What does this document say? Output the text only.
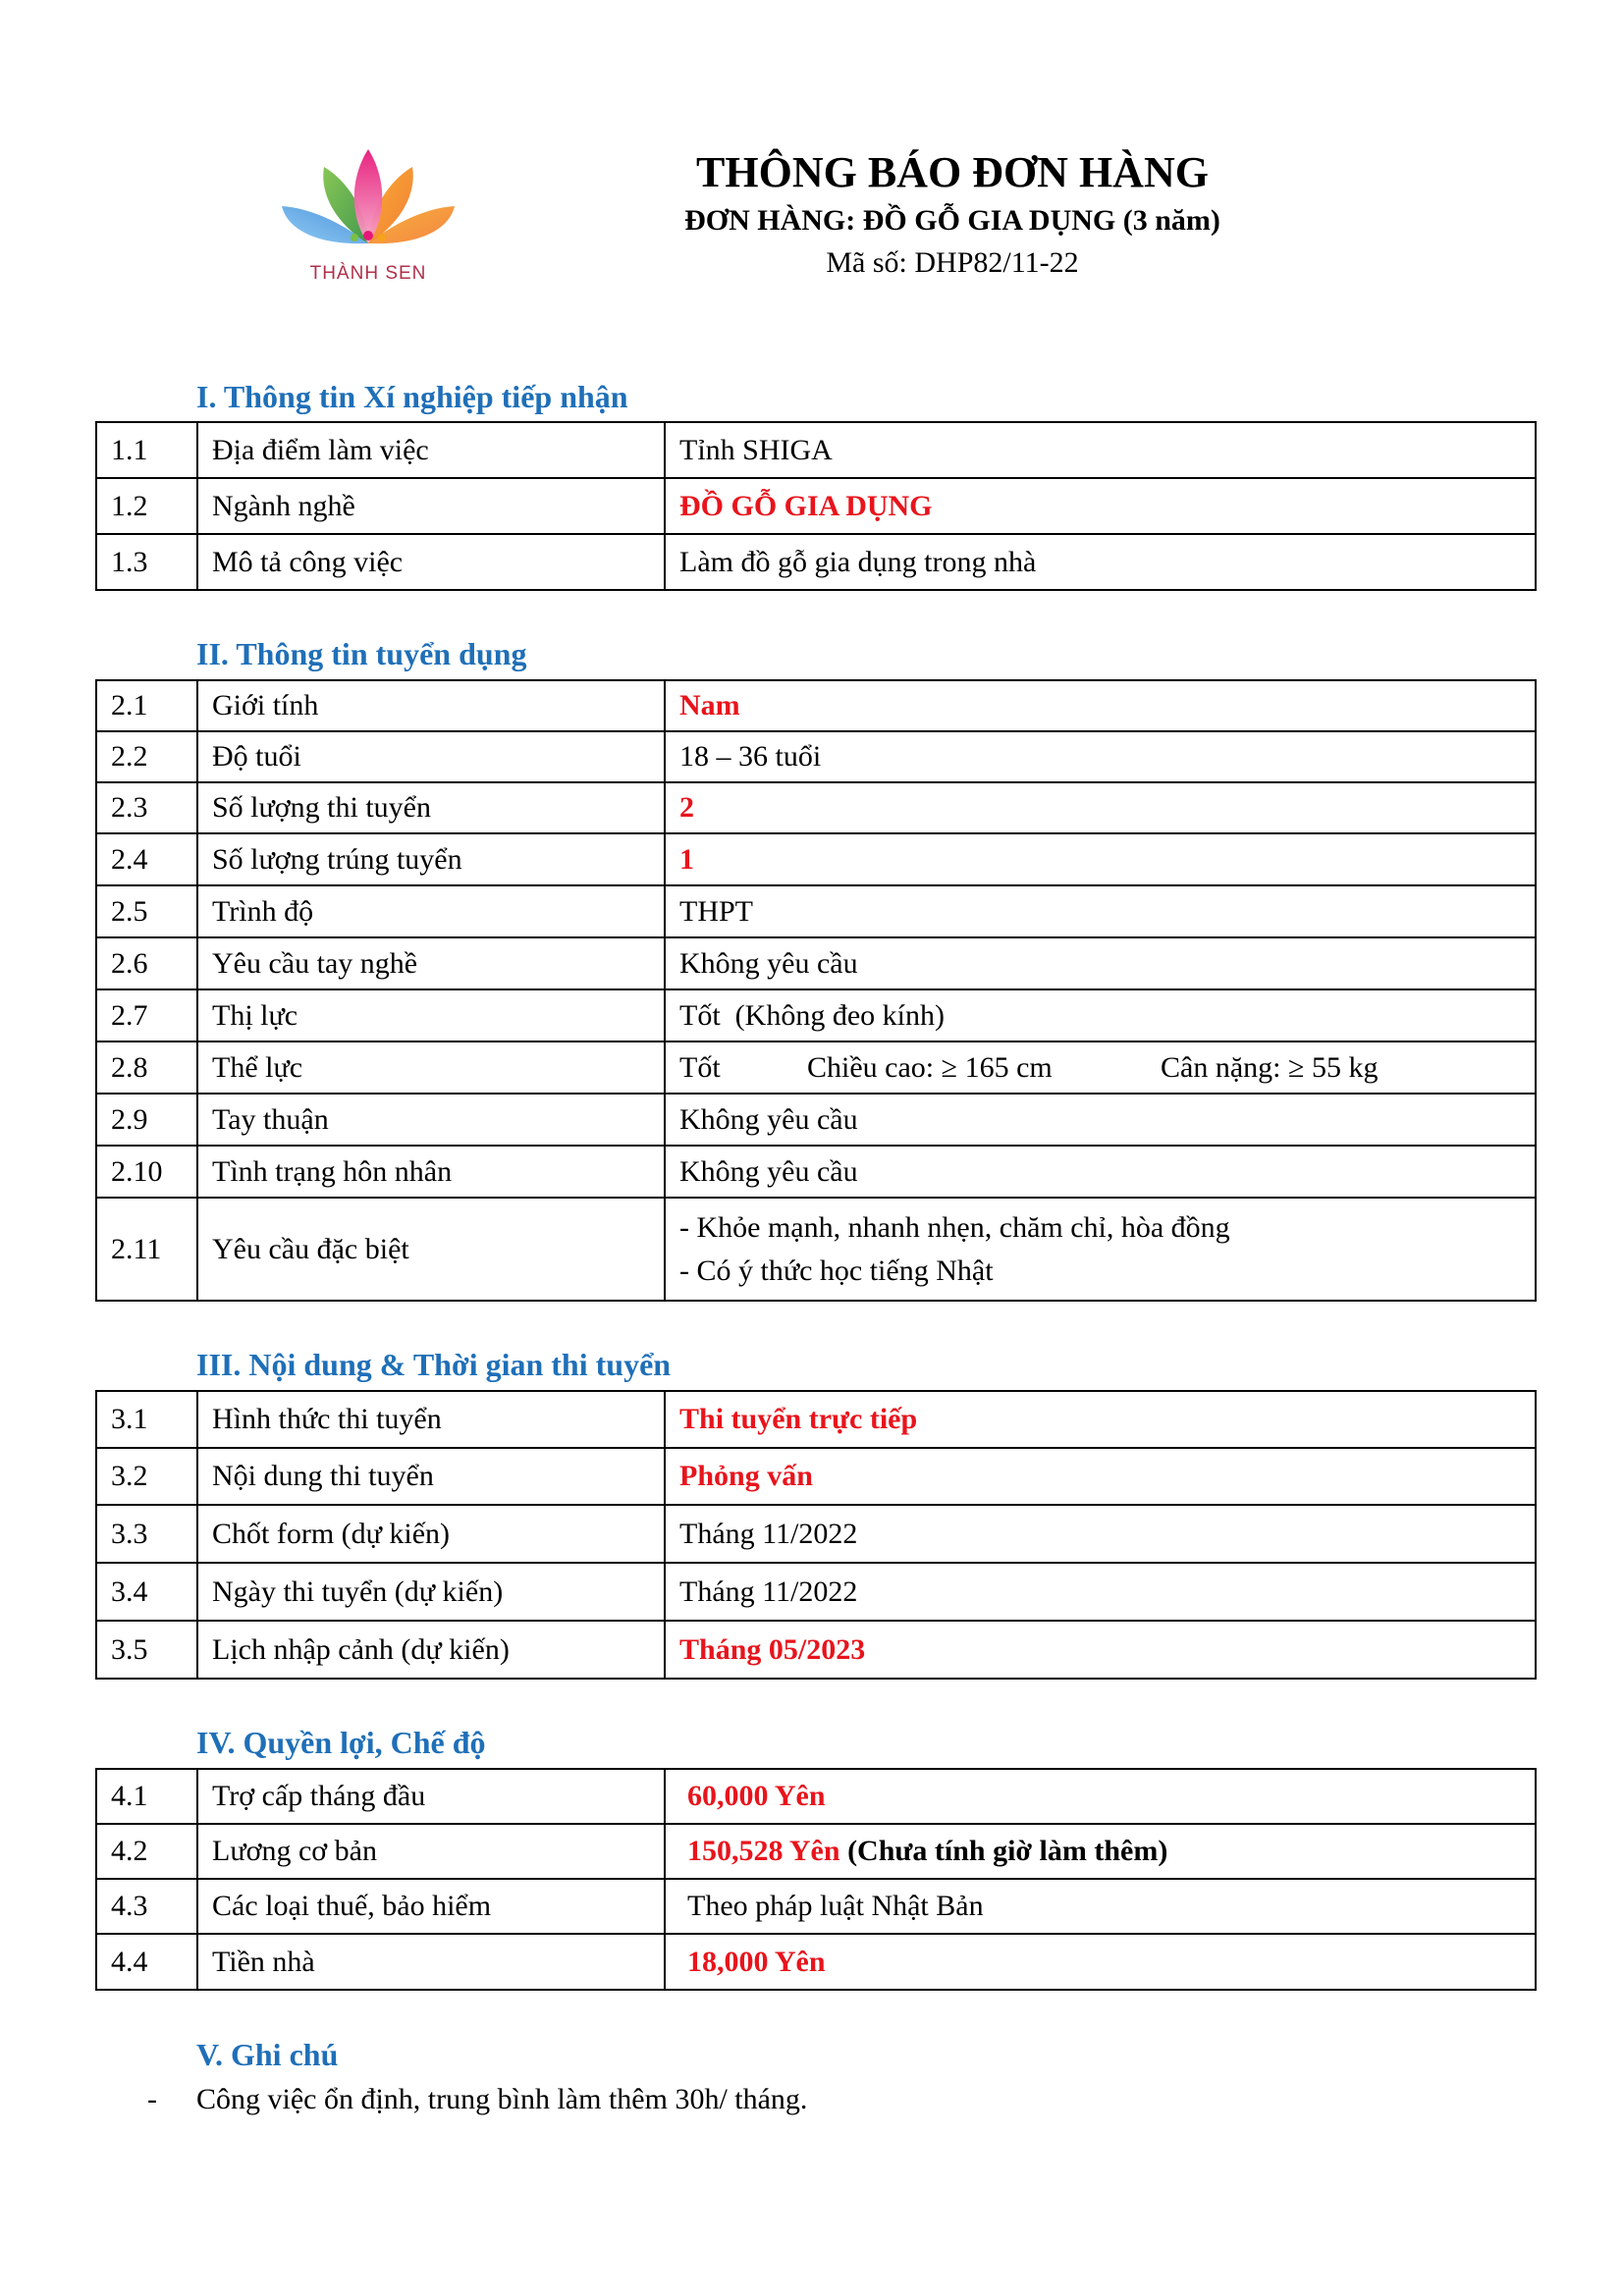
THÀNH SEN
THÔNG BÁO ĐƠN HÀNG
ĐƠN HÀNG: ĐỒ GỖ GIA DỤNG (3 năm)
Mã số: DHP82/11-22
I. Thông tin Xí nghiệp tiếp nhận
1.1	Địa điểm làm việc	Tỉnh SHIGA
1.2	Ngành nghề	ĐỒ GỖ GIA DỤNG
1.3	Mô tả công việc	Làm đồ gỗ gia dụng trong nhà
II. Thông tin tuyển dụng
2.1	Giới tính	Nam
2.2	Độ tuổi	18 – 36 tuổi
2.3	Số lượng thi tuyển	2
2.4	Số lượng trúng tuyển	1
2.5	Trình độ	THPT
2.6	Yêu cầu tay nghề	Không yêu cầu
2.7	Thị lực	Tốt  (Không đeo kính)
2.8	Thể lực	Tốt Chiều cao: ≥ 165 cm Cân nặng: ≥ 55 kg
2.9	Tay thuận	Không yêu cầu
2.10	Tình trạng hôn nhân	Không yêu cầu
2.11	Yêu cầu đặc biệt	- Khỏe mạnh, nhanh nhẹn, chăm chỉ, hòa đồng
- Có ý thức học tiếng Nhật
III. Nội dung & Thời gian thi tuyển
3.1	Hình thức thi tuyển	Thi tuyển trực tiếp
3.2	Nội dung thi tuyển	Phỏng vấn
3.3	Chốt form (dự kiến)	Tháng 11/2022
3.4	Ngày thi tuyển (dự kiến)	Tháng 11/2022
3.5	Lịch nhập cảnh (dự kiến)	Tháng 05/2023
IV. Quyền lợi, Chế độ
4.1	Trợ cấp tháng đầu	60,000 Yên
4.2	Lương cơ bản	150,528 Yên (Chưa tính giờ làm thêm)
4.3	Các loại thuế, bảo hiểm	Theo pháp luật Nhật Bản
4.4	Tiền nhà	18,000 Yên
V. Ghi chú
- Công việc ổn định, trung bình làm thêm 30h/ tháng.
